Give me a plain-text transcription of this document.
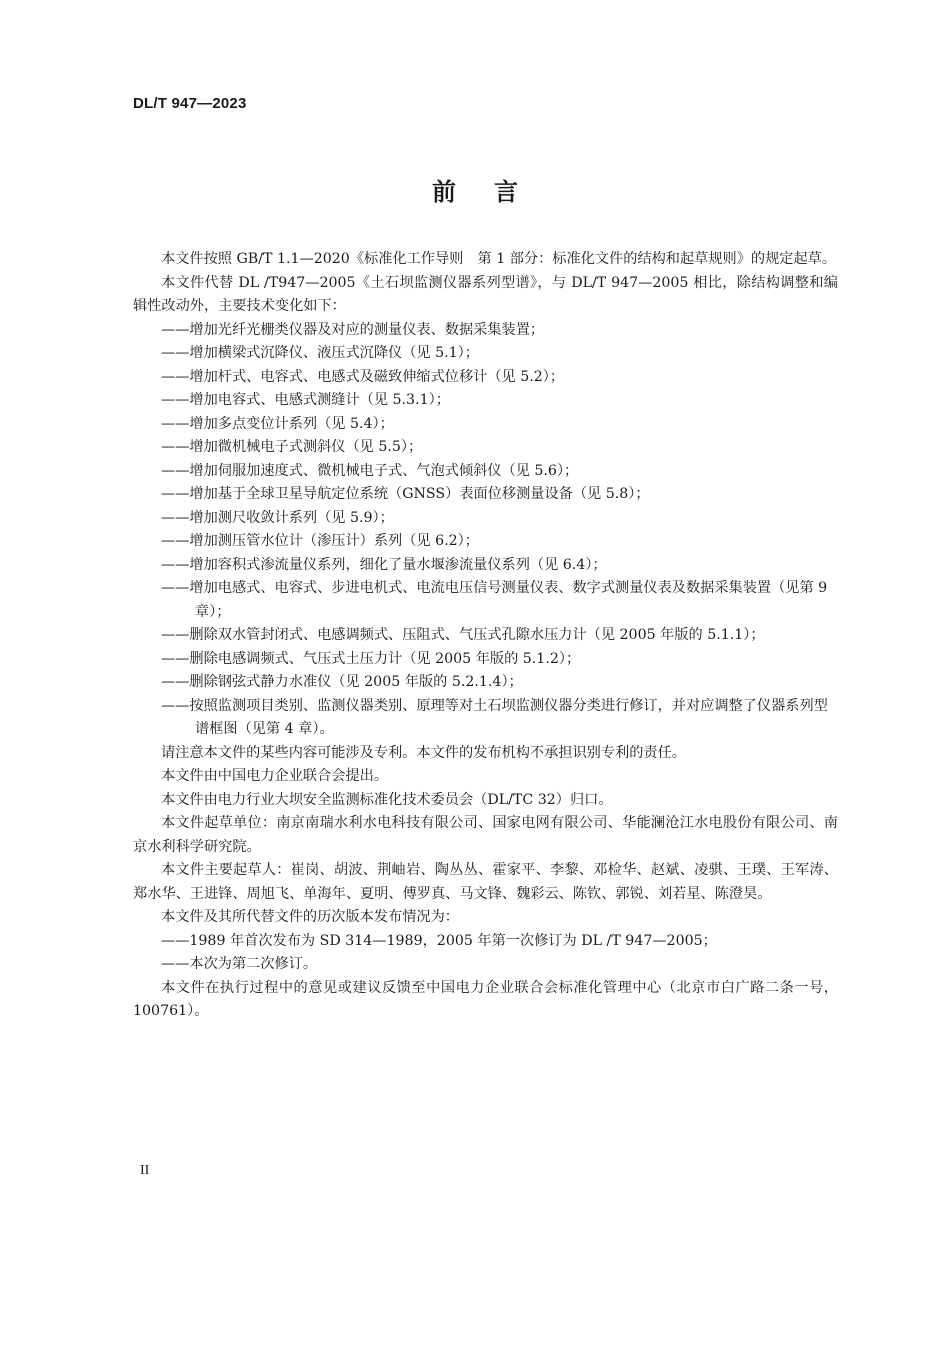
DL/T 947—2023
前言

本文件按照 GB/T 1.1—2020《标准化工作导则　第 1 部分：标准化文件的结构和起草规则》的规定起草。

本文件代替 DL /T947—2005《土石坝监测仪器系列型谱》，与 DL/T 947—2005 相比，除结构调整和编辑性改动外，主要技术变化如下：

——增加光纤光栅类仪器及对应的测量仪表、数据采集装置；

——增加横梁式沉降仪、液压式沉降仪（见 5.1）；

——增加杆式、电容式、电感式及磁致伸缩式位移计（见 5.2）；

——增加电容式、电感式测缝计（见 5.3.1）；

——增加多点变位计系列（见 5.4）；

——增加微机械电子式测斜仪（见 5.5）；

——增加伺服加速度式、微机械电子式、气泡式倾斜仪（见 5.6）；

——增加基于全球卫星导航定位系统（GNSS）表面位移测量设备（见 5.8）；

——增加测尺收敛计系列（见 5.9）；

——增加测压管水位计（渗压计）系列（见 6.2）；

——增加容积式渗流量仪系列，细化了量水堰渗流量仪系列（见 6.4）；

——增加电感式、电容式、步进电机式、电流电压信号测量仪表、数字式测量仪表及数据采集装置（见第 9 章）；

——删除双水管封闭式、电感调频式、压阻式、气压式孔隙水压力计（见 2005 年版的 5.1.1）；

——删除电感调频式、气压式土压力计（见 2005 年版的 5.1.2）；

——删除钢弦式静力水准仪（见 2005 年版的 5.2.1.4）；

——按照监测项目类别、监测仪器类别、原理等对土石坝监测仪器分类进行修订，并对应调整了仪器系列型谱框图（见第 4 章）。

请注意本文件的某些内容可能涉及专利。本文件的发布机构不承担识别专利的责任。

本文件由中国电力企业联合会提出。

本文件由电力行业大坝安全监测标准化技术委员会（DL/TC 32）归口。

本文件起草单位：南京南瑞水利水电科技有限公司、国家电网有限公司、华能澜沧江水电股份有限公司、南京水利科学研究院。

本文件主要起草人：崔岗、胡波、荆岫岩、陶丛丛、霍家平、李黎、邓检华、赵斌、凌骐、王璞、王军涛、郑水华、王进锋、周旭飞、单海年、夏明、傅罗真、马文锋、魏彩云、陈钦、郭锐、刘若星、陈澄昊。

本文件及其所代替文件的历次版本发布情况为：

——1989 年首次发布为 SD 314—1989，2005 年第一次修订为 DL /T 947—2005；

——本次为第二次修订。

本文件在执行过程中的意见或建议反馈至中国电力企业联合会标准化管理中心（北京市白广路二条一号，100761）。

II
